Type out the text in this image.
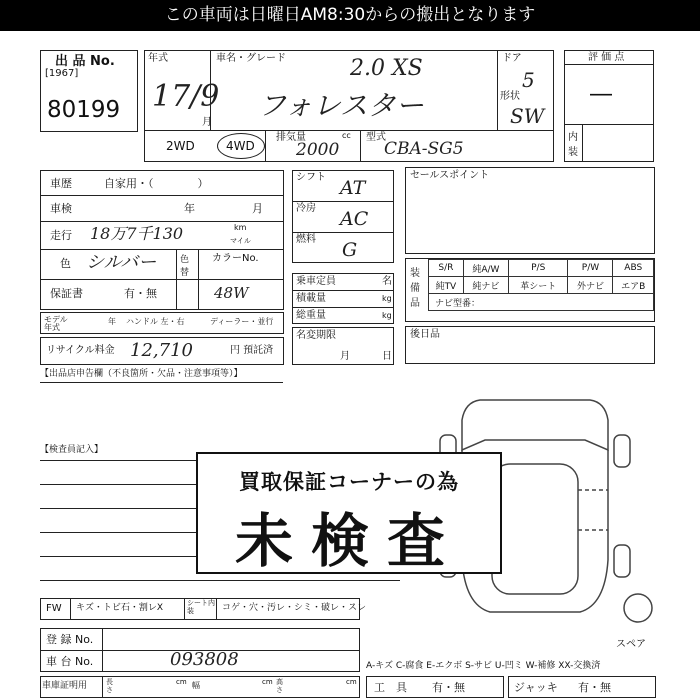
この車両は日曜日AM8:30からの搬出となります
出 品 No.
[1967]
80199
年式
17/9
月
車名・グレード	2.0 XS
フォレスター
ドア
5
形状
SW
2WD	4WD
排気量	cc
2000
型式
CBA-SG5
評 価 点
―
内装
車歴	自家用・（　　　　）
車検	年	月
走行 18万7千130	km
マイル
色 シルバー	色替
カラーNo.
48W
保証書	有・無
モデル年式
年 ハンドル 左・右	ディーラー・並行
リサイクル料金 12,710	円 預託済
シフト AT
冷房 AC
燃料 G
乗車定員	名
積載量	kg
総重量	kg
名変期限
月	日
セールスポイント
装備品
S/R	純A/W	P/S	P/W	ABS
純TV	純ナビ	革シート	外ナビ	エアB
ナビ型番：				
後日品
【出品店申告欄（不良箇所・欠品・注意事項等）】
【検査員記入】
スペア
買取保証コーナーの為
未検査
FW キズ・トビ石・割レX	シート内装	コゲ・穴・汚レ・シミ・破レ・スレ
登 録 No.
車 台 No.	093808
車庫証明用	長さ
cm 幅	cm 高さ
cm
A-キズ C-腐食 E-エクボ S-サビ U-凹ミ W-補修 XX-交換済
工　具 有・無	ジャッキ 有・無
